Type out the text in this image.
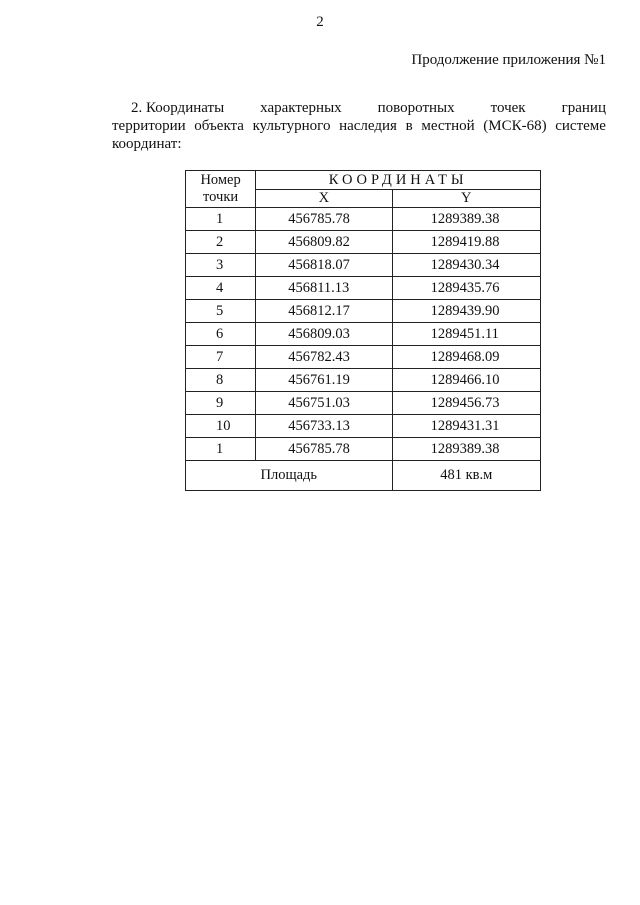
2
Продолжение приложения №1
2. Координаты характерных поворотных точек границ
территории объекта культурного наследия в местной (МСК-68) системе
координат:
Номер
точки	КООРДИНАТЫ	
	X	Y
1	456785.78	1289389.38
2	456809.82	1289419.88
3	456818.07	1289430.34
4	456811.13	1289435.76
5	456812.17	1289439.90
6	456809.03	1289451.11
7	456782.43	1289468.09
8	456761.19	1289466.10
9	456751.03	1289456.73
10	456733.13	1289431.31
1	456785.78	1289389.38
Площадь		481 кв.м
